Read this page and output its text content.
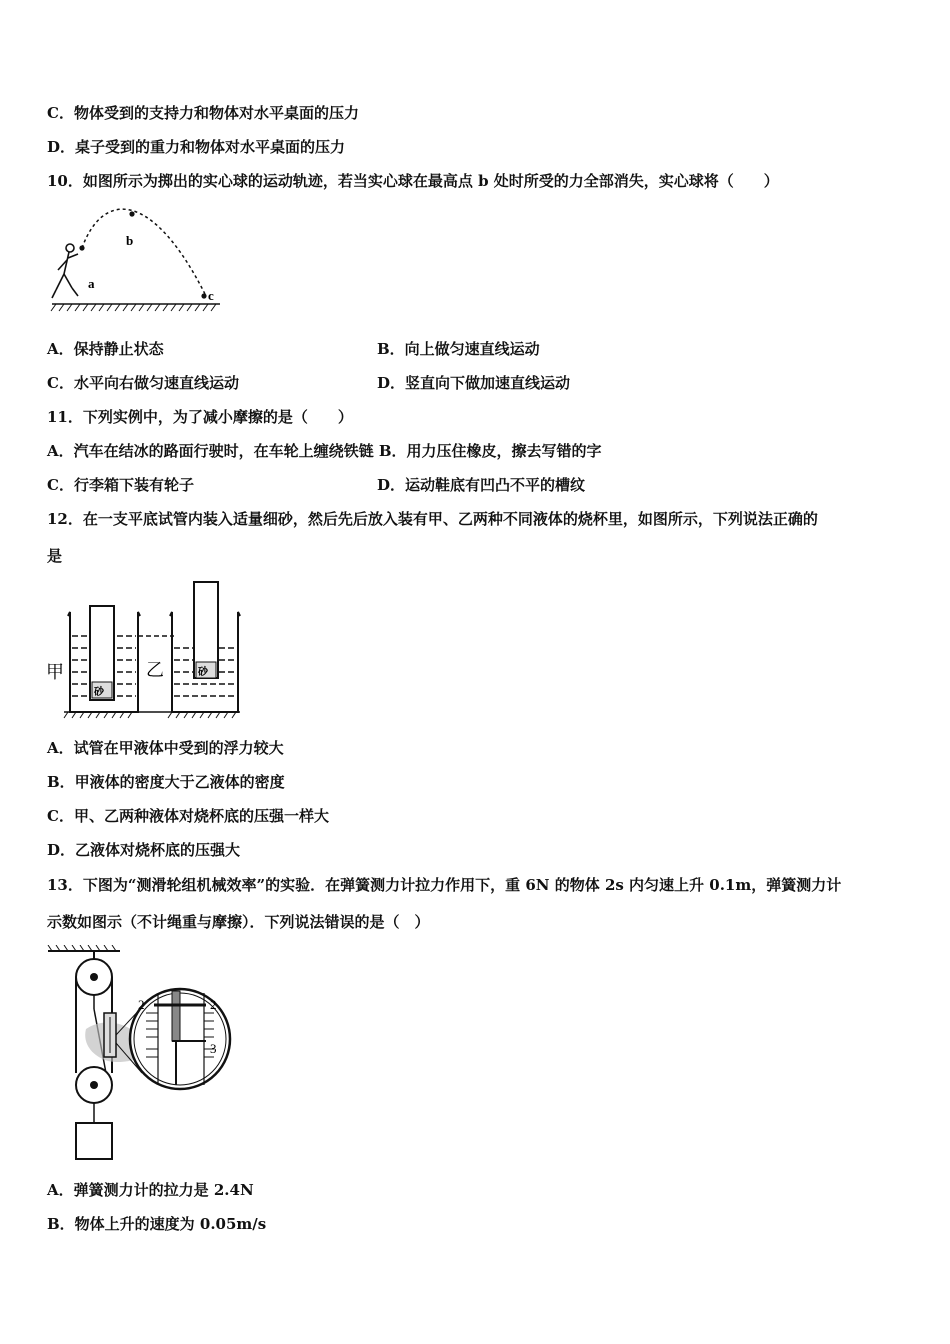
C．物体受到的支持力和物体对水平桌面的压力
D．桌子受到的重力和物体对水平桌面的压力
10．如图所示为掷出的实心球的运动轨迹，若当实心球在最高点 b 处时所受的力全部消失，实心球将（　　）
a
b
c
A．保持静止状态	B．向上做匀速直线运动
C．水平向右做匀速直线运动	D．竖直向下做加速直线运动
11．下列实例中，为了减小摩擦的是（　　）
A．汽车在结冰的路面行驶时，在车轮上缠绕铁链 B．用力压住橡皮，擦去写错的字
C．行李箱下装有轮子	D．运动鞋底有凹凸不平的槽纹
12．在一支平底试管内装入适量细砂，然后先后放入装有甲、乙两种不同液体的烧杯里，如图所示，下列说法正确的
是
砂
砂
甲	乙
A．试管在甲液体中受到的浮力较大
B．甲液体的密度大于乙液体的密度
C．甲、乙两种液体对烧杯底的压强一样大
D．乙液体对烧杯底的压强大
13．下图为“测滑轮组机械效率”的实验．在弹簧测力计拉力作用下，重 6N 的物体 2s 内匀速上升 0.1m，弹簧测力计
示数如图示（不计绳重与摩擦）．下列说法错误的是（　）
2	2
3
A．弹簧测力计的拉力是 2.4N
B．物体上升的速度为 0.05m/s
